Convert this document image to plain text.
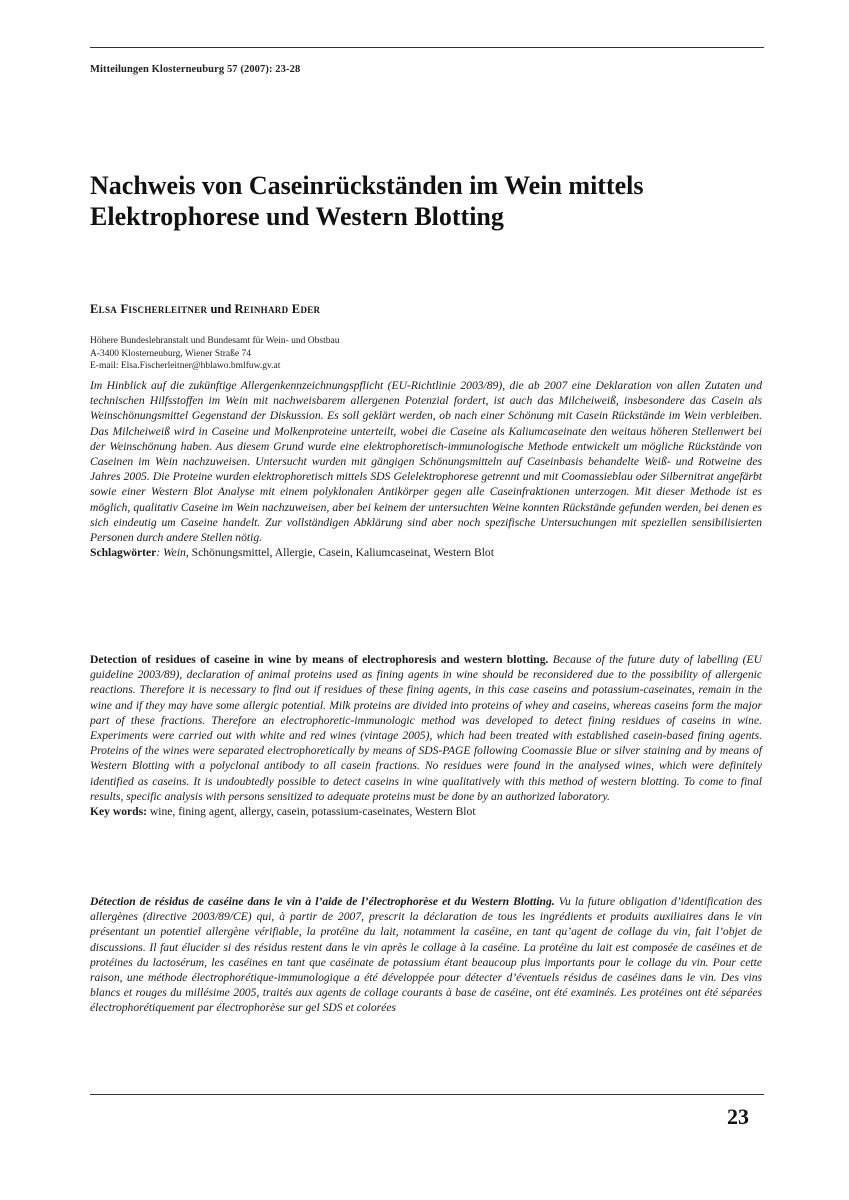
Mitteilungen Klosterneuburg 57 (2007): 23-28
Nachweis von Caseinrückständen im Wein mittels
Elektrophorese und Western Blotting
Elsa Fischerleitner und Reinhard Eder
Höhere Bundeslehranstalt und Bundesamt für Wein- und Obstbau
A-3400 Klosterneuburg, Wiener Straße 74
E-mail: Elsa.Fischerleitner@hblawo.bmlfuw.gv.at

Im Hinblick auf die zukünftige Allergenkennzeichnungspflicht (EU-Richtlinie 2003/89), die ab 2007 eine Deklaration von allen Zutaten und technischen Hilfsstoffen im Wein mit nachweisbarem allergenen Potenzial fordert, ist auch das Milcheiweiß, insbesondere das Casein als Weinschönungsmittel Gegenstand der Diskussion. Es soll geklärt werden, ob nach einer Schönung mit Casein Rückstände im Wein verbleiben. Das Milcheiweiß wird in Caseine und Molkenproteine unterteilt, wobei die Caseine als Kaliumcaseinate den weitaus höheren Stellenwert bei der Weinschönung haben. Aus diesem Grund wurde eine elektrophoretisch-immunologische Methode entwickelt um mögliche Rückstände von Caseinen im Wein nachzuweisen. Untersucht wurden mit gängigen Schönungsmitteln auf Caseinbasis behandelte Weiß- und Rotweine des Jahres 2005. Die Proteine wurden elektrophoretisch mittels SDS Gelelektrophorese getrennt und mit Coomassieblau oder Silbernitrat angefärbt sowie einer Western Blot Analyse mit einem polyklonalen Antikörper gegen alle Caseinfraktionen unterzogen. Mit dieser Methode ist es möglich, qualitativ Caseine im Wein nachzuweisen, aber bei keinem der untersuchten Weine konnten Rückstände gefunden werden, bei denen es sich eindeutig um Caseine handelt. Zur vollständigen Abklärung sind aber noch spezifische Untersuchungen mit speziellen sensibilisierten Personen durch andere Stellen nötig.
Schlagwörter: Wein, Schönungsmittel, Allergie, Casein, Kaliumcaseinat, Western Blot

Detection of residues of caseine in wine by means of electrophoresis and western blotting. Because of the future duty of labelling (EU guideline 2003/89), declaration of animal proteins used as fining agents in wine should be reconsidered due to the possibility of allergenic reactions. Therefore it is necessary to find out if residues of these fining agents, in this case caseins and potassium-caseinates, remain in the wine and if they may have some allergic potential. Milk proteins are divided into proteins of whey and caseins, whereas caseins form the major part of these fractions. Therefore an electrophoretic-immunologic method was developed to detect fining residues of caseins in wine. Experiments were carried out with white and red wines (vintage 2005), which had been treated with established casein-based fining agents. Proteins of the wines were separated electrophoretically by means of SDS-PAGE following Coomassie Blue or silver staining and by means of Western Blotting with a polyclonal antibody to all casein fractions. No residues were found in the analysed wines, which were definitely identified as caseins. It is undoubtedly possible to detect caseins in wine qualitatively with this method of western blotting. To come to final results, specific analysis with persons sensitized to adequate proteins must be done by an authorized laboratory.
Key words: wine, fining agent, allergy, casein, potassium-caseinates, Western Blot

Détection de résidus de caséine dans le vin à l’aide de l’électrophorèse et du Western Blotting. Vu la future obligation d’identification des allergènes (directive 2003/89/CE) qui, à partir de 2007, prescrit la déclaration de tous les ingrédients et produits auxiliaires dans le vin présentant un potentiel allergène vérifiable, la protéine du lait, notamment la caséine, en tant qu’agent de collage du vin, fait l’objet de discussions. Il faut élucider si des résidus restent dans le vin après le collage à la caséine. La protéine du lait est composée de caséines et de protéines du lactosérum, les caséines en tant que caséinate de potassium étant beaucoup plus importants pour le collage du vin. Pour cette raison, une méthode électrophorétique-immunologique a été développée pour détecter d’éventuels résidus de caséines dans le vin. Des vins blancs et rouges du millésime 2005, traités aux agents de collage courants à base de caséine, ont été examinés. Les protéines ont été séparées électrophorétiquement par électrophorèse sur gel SDS et colorées

23
